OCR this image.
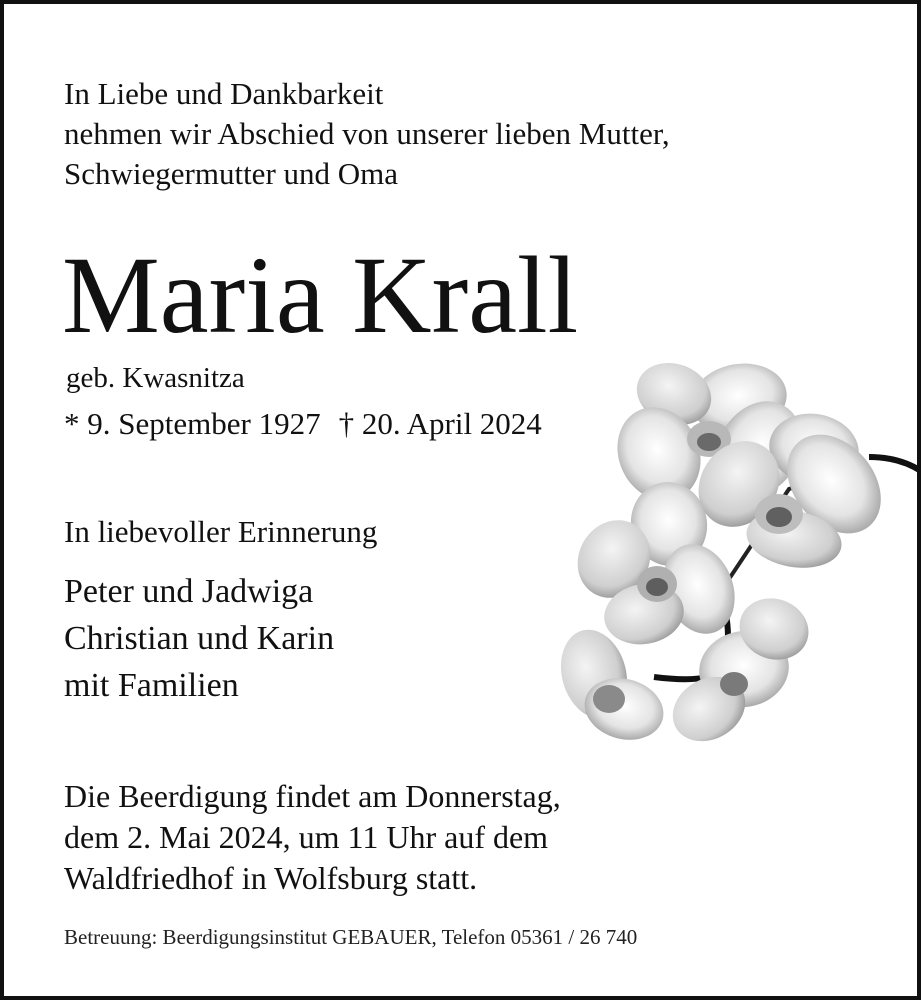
In Liebe und Dankbarkeit
nehmen wir Abschied von unserer lieben Mutter,
Schwiegermutter und Oma
Maria Krall
geb. Kwasnitza
* 9. September 1927 † 20. April 2024
In liebevoller Erinnerung
Peter und Jadwiga
Christian und Karin
mit Familien
Die Beerdigung findet am Donnerstag,
dem 2. Mai 2024, um 11 Uhr auf dem
Waldfriedhof in Wolfsburg statt.
Betreuung: Beerdigungsinstitut GEBAUER, Telefon 05361 / 26 740
